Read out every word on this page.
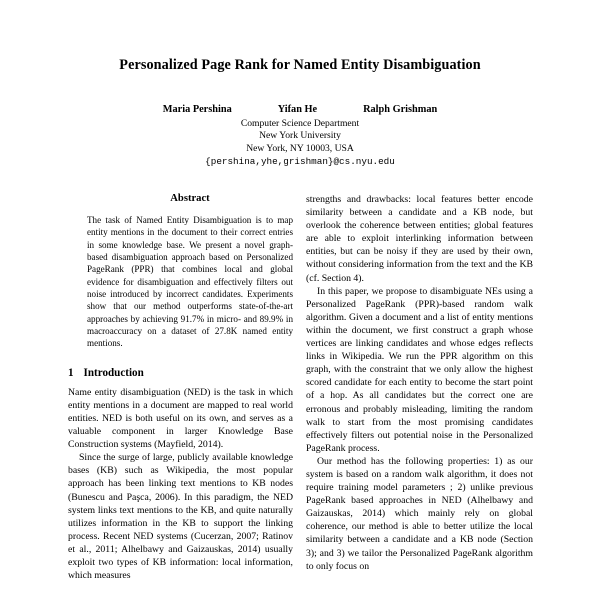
Personalized Page Rank for Named Entity Disambiguation
Maria Pershina	Yifan He	Ralph Grishman
Computer Science Department
New York University
New York, NY 10003, USA
{pershina,yhe,grishman}@cs.nyu.edu
Abstract

The task of Named Entity Disambiguation is to map entity mentions in the document to their correct entries in some knowledge base. We present a novel graph-based disambiguation approach based on Personalized PageRank (PPR) that combines local and global evidence for disambiguation and effectively filters out noise introduced by incorrect candidates. Experiments show that our method outperforms state-of-the-art approaches by achieving 91.7% in micro- and 89.9% in macroaccuracy on a dataset of 27.8K named entity mentions.

1 Introduction

Name entity disambiguation (NED) is the task in which entity mentions in a document are mapped to real world entities. NED is both useful on its own, and serves as a valuable component in larger Knowledge Base Construction systems (Mayfield, 2014).

Since the surge of large, publicly available knowledge bases (KB) such as Wikipedia, the most popular approach has been linking text mentions to KB nodes (Bunescu and Paşca, 2006). In this paradigm, the NED system links text mentions to the KB, and quite naturally utilizes information in the KB to support the linking process. Recent NED systems (Cucerzan, 2007; Ratinov et al., 2011; Alhelbawy and Gaizauskas, 2014) usually exploit two types of KB information: local information, which measures

strengths and drawbacks: local features better encode similarity between a candidate and a KB node, but overlook the coherence between entities; global features are able to exploit interlinking information between entities, but can be noisy if they are used by their own, without considering information from the text and the KB (cf. Section 4).

In this paper, we propose to disambiguate NEs using a Personalized PageRank (PPR)-based random walk algorithm. Given a document and a list of entity mentions within the document, we first construct a graph whose vertices are linking candidates and whose edges reflects links in Wikipedia. We run the PPR algorithm on this graph, with the constraint that we only allow the highest scored candidate for each entity to become the start point of a hop. As all candidates but the correct one are erronous and probably misleading, limiting the random walk to start from the most promising candidates effectively filters out potential noise in the Personalized PageRank process.

Our method has the following properties: 1) as our system is based on a random walk algorithm, it does not require training model parameters ; 2) unlike previous PageRank based approaches in NED (Alhelbawy and Gaizauskas, 2014) which mainly rely on global coherence, our method is able to better utilize the local similarity between a candidate and a KB node (Section 3); and 3) we tailor the Personalized PageRank algorithm to only focus on
